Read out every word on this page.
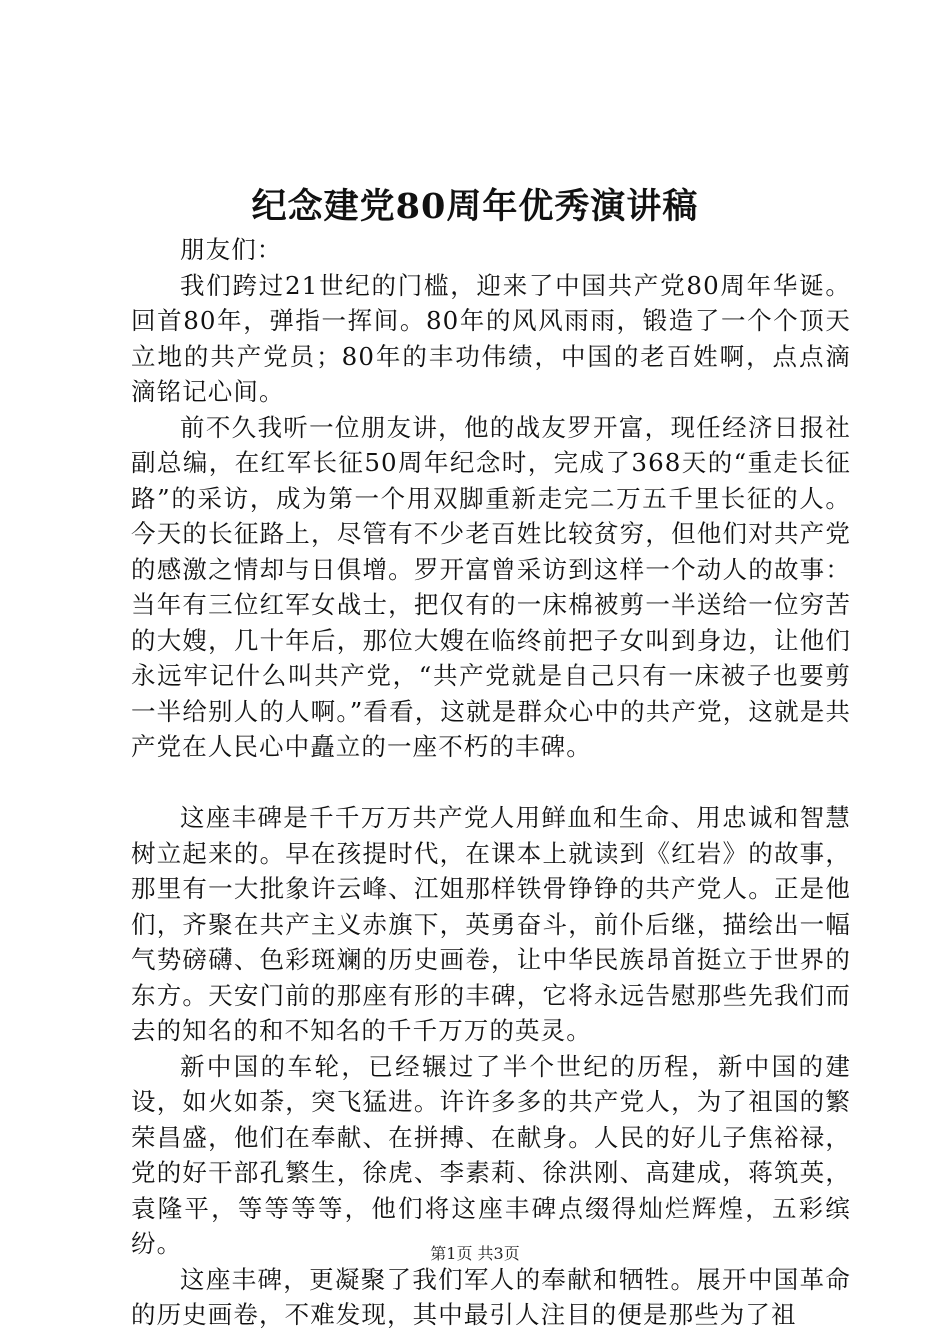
纪念建党80周年优秀演讲稿

朋友们：

我们跨过21世纪的门槛，迎来了中国共产党80周年华诞。回首80年，弹指一挥间。80年的风风雨雨，锻造了一个个顶天立地的共产党员；80年的丰功伟绩，中国的老百姓啊，点点滴滴铭记心间。

前不久我听一位朋友讲，他的战友罗开富，现任经济日报社副总编，在红军长征50周年纪念时，完成了368天的“重走长征路”的采访，成为第一个用双脚重新走完二万五千里长征的人。今天的长征路上，尽管有不少老百姓比较贫穷，但他们对共产党的感激之情却与日俱增。罗开富曾采访到这样一个动人的故事：当年有三位红军女战士，把仅有的一床棉被剪一半送给一位穷苦的大嫂，几十年后，那位大嫂在临终前把子女叫到身边，让他们永远牢记什么叫共产党，“共产党就是自己只有一床被子也要剪一半给别人的人啊。”看看，这就是群众心中的共产党，这就是共产党在人民心中矗立的一座不朽的丰碑。

这座丰碑是千千万万共产党人用鲜血和生命、用忠诚和智慧树立起来的。早在孩提时代，在课本上就读到《红岩》的故事，那里有一大批象许云峰、江姐那样铁骨铮铮的共产党人。正是他们，齐聚在共产主义赤旗下，英勇奋斗，前仆后继，描绘出一幅气势磅礴、色彩斑斓的历史画卷，让中华民族昂首挺立于世界的东方。天安门前的那座有形的丰碑，它将永远告慰那些先我们而去的知名的和不知名的千千万万的英灵。

新中国的车轮，已经辗过了半个世纪的历程，新中国的建设，如火如荼，突飞猛进。许许多多的共产党人，为了祖国的繁荣昌盛，他们在奉献、在拼搏、在献身。人民的好儿子焦裕禄，党的好干部孔繁生，徐虎、李素莉、徐洪刚、高建成，蒋筑英，袁隆平，等等等等，他们将这座丰碑点缀得灿烂辉煌，五彩缤纷。

这座丰碑，更凝聚了我们军人的奉献和牺牲。展开中国革命的历史画卷，不难发现，其中最引人注目的便是那些为了祖

第1页 共3页
